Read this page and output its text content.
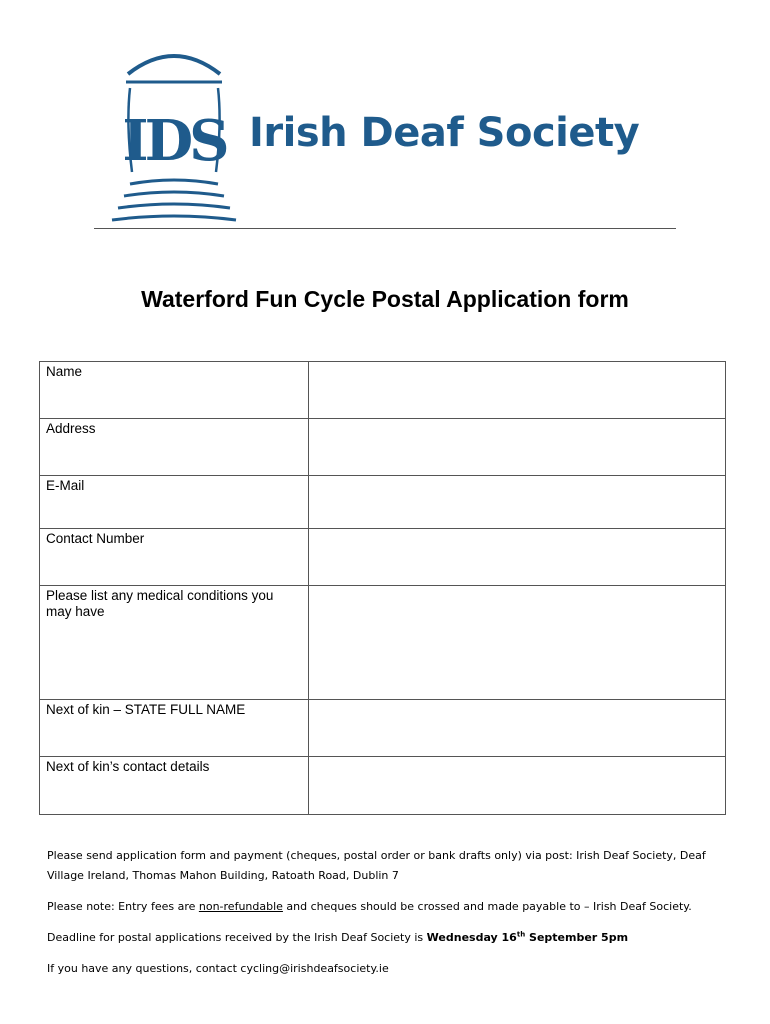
IDS Irish Deaf Society
Waterford Fun Cycle Postal Application form
Name	
Address	
E-Mail	
Contact Number	
Please list any medical conditions you may have	
Next of kin – STATE FULL NAME	
Next of kin’s contact details	

Please send application form and payment (cheques, postal order or bank drafts only) via post: Irish Deaf Society, Deaf Village Ireland, Thomas Mahon Building, Ratoath Road, Dublin 7

Please note: Entry fees are non-refundable and cheques should be crossed and made payable to – Irish Deaf Society.

Deadline for postal applications received by the Irish Deaf Society is Wednesday 16th September 5pm

If you have any questions, contact cycling@irishdeafsociety.ie
